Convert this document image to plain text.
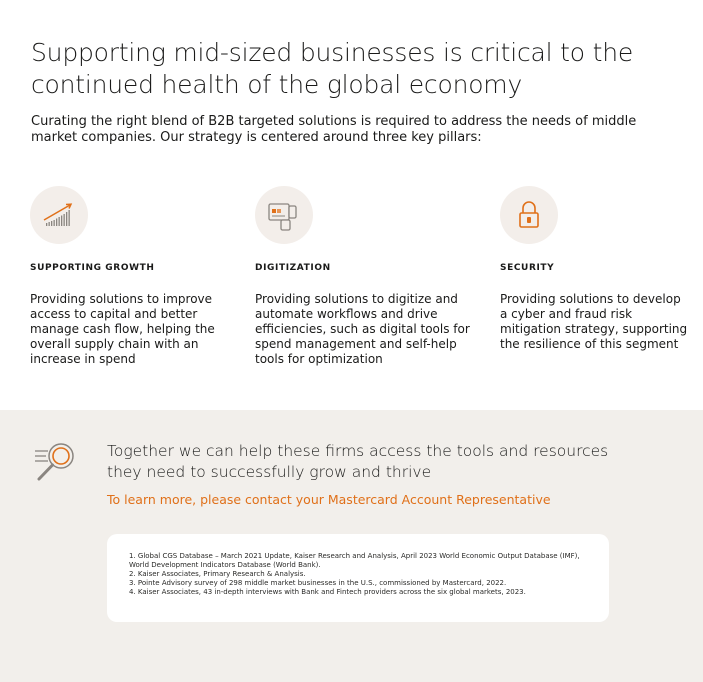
Supporting mid-sized businesses is critical to the continued health of the global economy

Curating the right blend of B2B targeted solutions is required to address the needs of middle market companies. Our strategy is centered around three key pillars:

SUPPORTING GROWTH
Providing solutions to improve access to capital and better manage cash flow, helping the overall supply chain with an increase in spend
DIGITIZATION
Providing solutions to digitize and automate workflows and drive efficiencies, such as digital tools for spend management and self-help tools for optimization
SECURITY
Providing solutions to develop a cyber and fraud risk mitigation strategy, supporting the resilience of this segment

Together we can help these firms access the tools and resources they need to successfully grow and thrive

To learn more, please contact your Mastercard Account Representative
1. Global CGS Database – March 2021 Update, Kaiser Research and Analysis, April 2023 World Economic Output Database (IMF), World Development Indicators Database (World Bank).
2. Kaiser Associates, Primary Research & Analysis.
3. Pointe Advisory survey of 298 middle market businesses in the U.S., commissioned by Mastercard, 2022.
4. Kaiser Associates, 43 in-depth interviews with Bank and Fintech providers across the six global markets, 2023.
